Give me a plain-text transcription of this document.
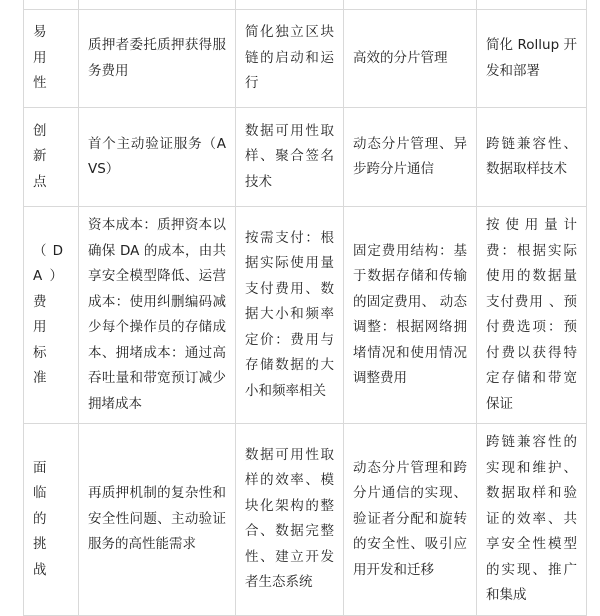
易用性	质押者委托质押获得服务费用	简化独立区块链的启动和运行	高效的分片管理	简化 Rollup 开发和部署
创新点	首个主动验证服务（AVS）	数据可用性取样、聚合签名技术	动态分片管理、异步跨分片通信	跨链兼容性、数据取样技术
（DA）费用标准	资本成本：质押资本以确保 DA 的成本，由共享安全模型降低、运营成本：使用纠删编码减少每个操作员的存储成本、拥堵成本：通过高吞吐量和带宽预订减少拥堵成本	按需支付：根据实际使用量支付费用、数据大小和频率定价：费用与存储数据的大小和频率相关	固定费用结构：基于数据存储和传输的固定费用、 动态调整：根据网络拥堵情况和使用情况调整费用	按使用量计费：根据实际使用的数据量支付费用 、预付费选项：预付费以获得特定存储和带宽保证
面临的挑战	再质押机制的复杂性和安全性问题、主动验证服务的高性能需求	数据可用性取样的效率、模块化架构的整合、数据完整性、建立开发者生态系统	动态分片管理和跨分片通信的实现、验证者分配和旋转的安全性、吸引应用开发和迁移	跨链兼容性的实现和维护、数据取样和验证的效率、共享安全性模型的实现、推广和集成
